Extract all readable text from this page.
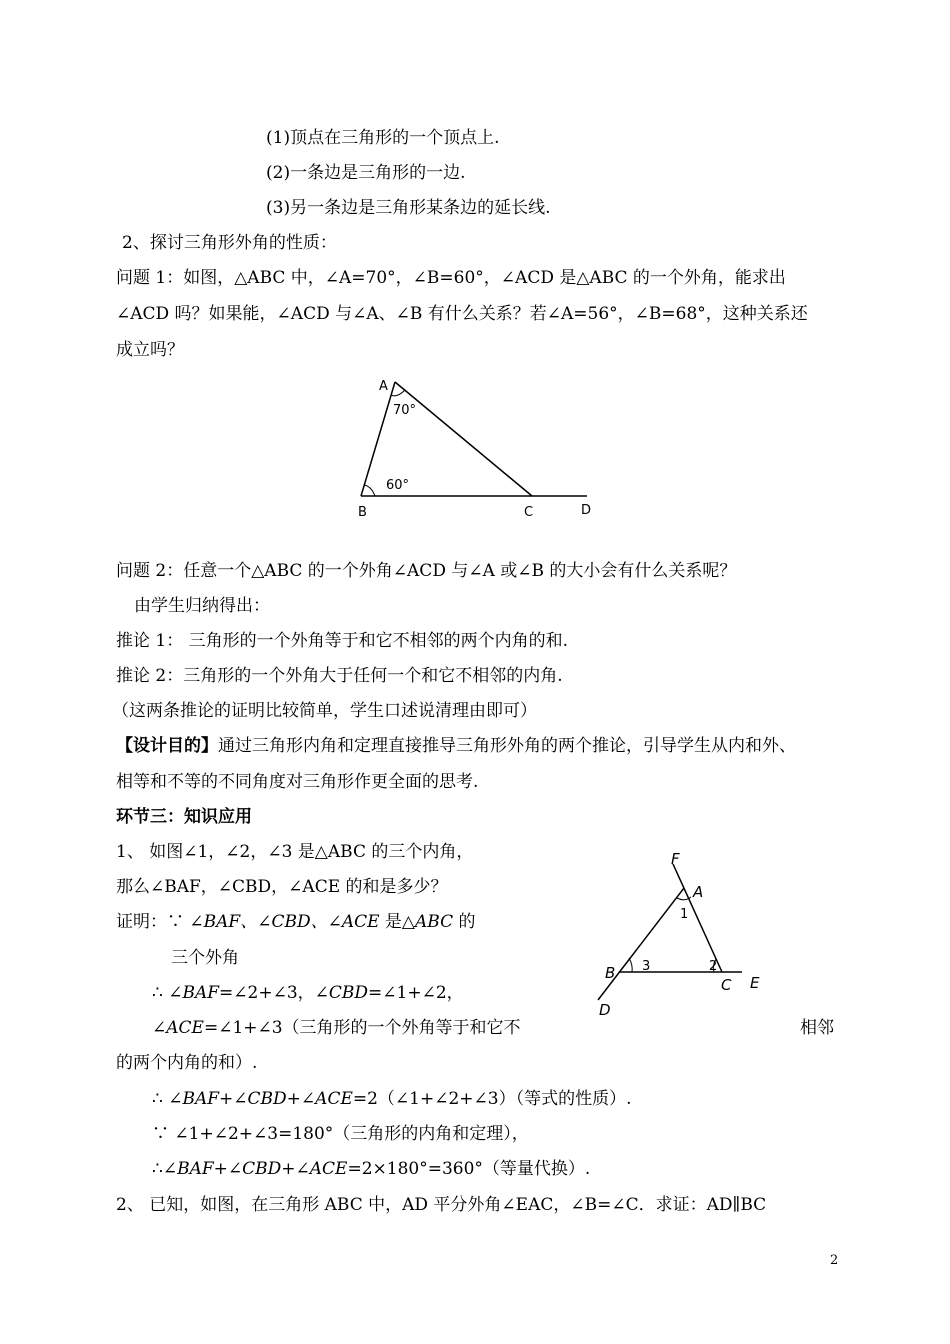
(1)顶点在三角形的一个顶点上.
(2)一条边是三角形的一边.
(3)另一条边是三角形某条边的延长线.
2、探讨三角形外角的性质：
问题 1：如图，△ABC 中，∠A=70°，∠B=60°，∠ACD 是△ABC 的一个外角，能求出
∠ACD 吗？如果能，∠ACD 与∠A、∠B 有什么关系？若∠A=56°，∠B=68°，这种关系还
成立吗？
A
70°
60°
B	C	D
问题 2：任意一个△ABC 的一个外角∠ACD 与∠A 或∠B 的大小会有什么关系呢？
由学生归纳得出：
推论 1： 三角形的一个外角等于和它不相邻的两个内角的和.
推论 2：三角形的一个外角大于任何一个和它不相邻的内角.
（这两条推论的证明比较简单，学生口述说清理由即可）
【设计目的】通过三角形内角和定理直接推导三角形外角的两个推论，引导学生从内和外、
相等和不等的不同角度对三角形作更全面的思考.
环节三：知识应用
1、 如图∠1，∠2，∠3 是△ABC 的三个内角，
那么∠BAF，∠CBD，∠ACE 的和是多少？
证明：∵ ∠BAF、∠CBD、∠ACE 是△ABC 的
三个外角
∴ ∠BAF=∠2+∠3，∠CBD=∠1+∠2，
∠ACE=∠1+∠3（三角形的一个外角等于和它不	相邻
的两个内角的和）.
∴ ∠BAF+∠CBD+∠ACE=2（∠1+∠2+∠3）（等式的性质）.
∵ ∠1+∠2+∠3=180°（三角形的内角和定理），
∴∠BAF+∠CBD+∠ACE=2×180°=360°（等量代换）.
2、 已知，如图，在三角形 ABC 中，AD 平分外角∠EAC，∠B=∠C．求证：AD∥BC
F
A
1
B 3	2
C E
D
2
